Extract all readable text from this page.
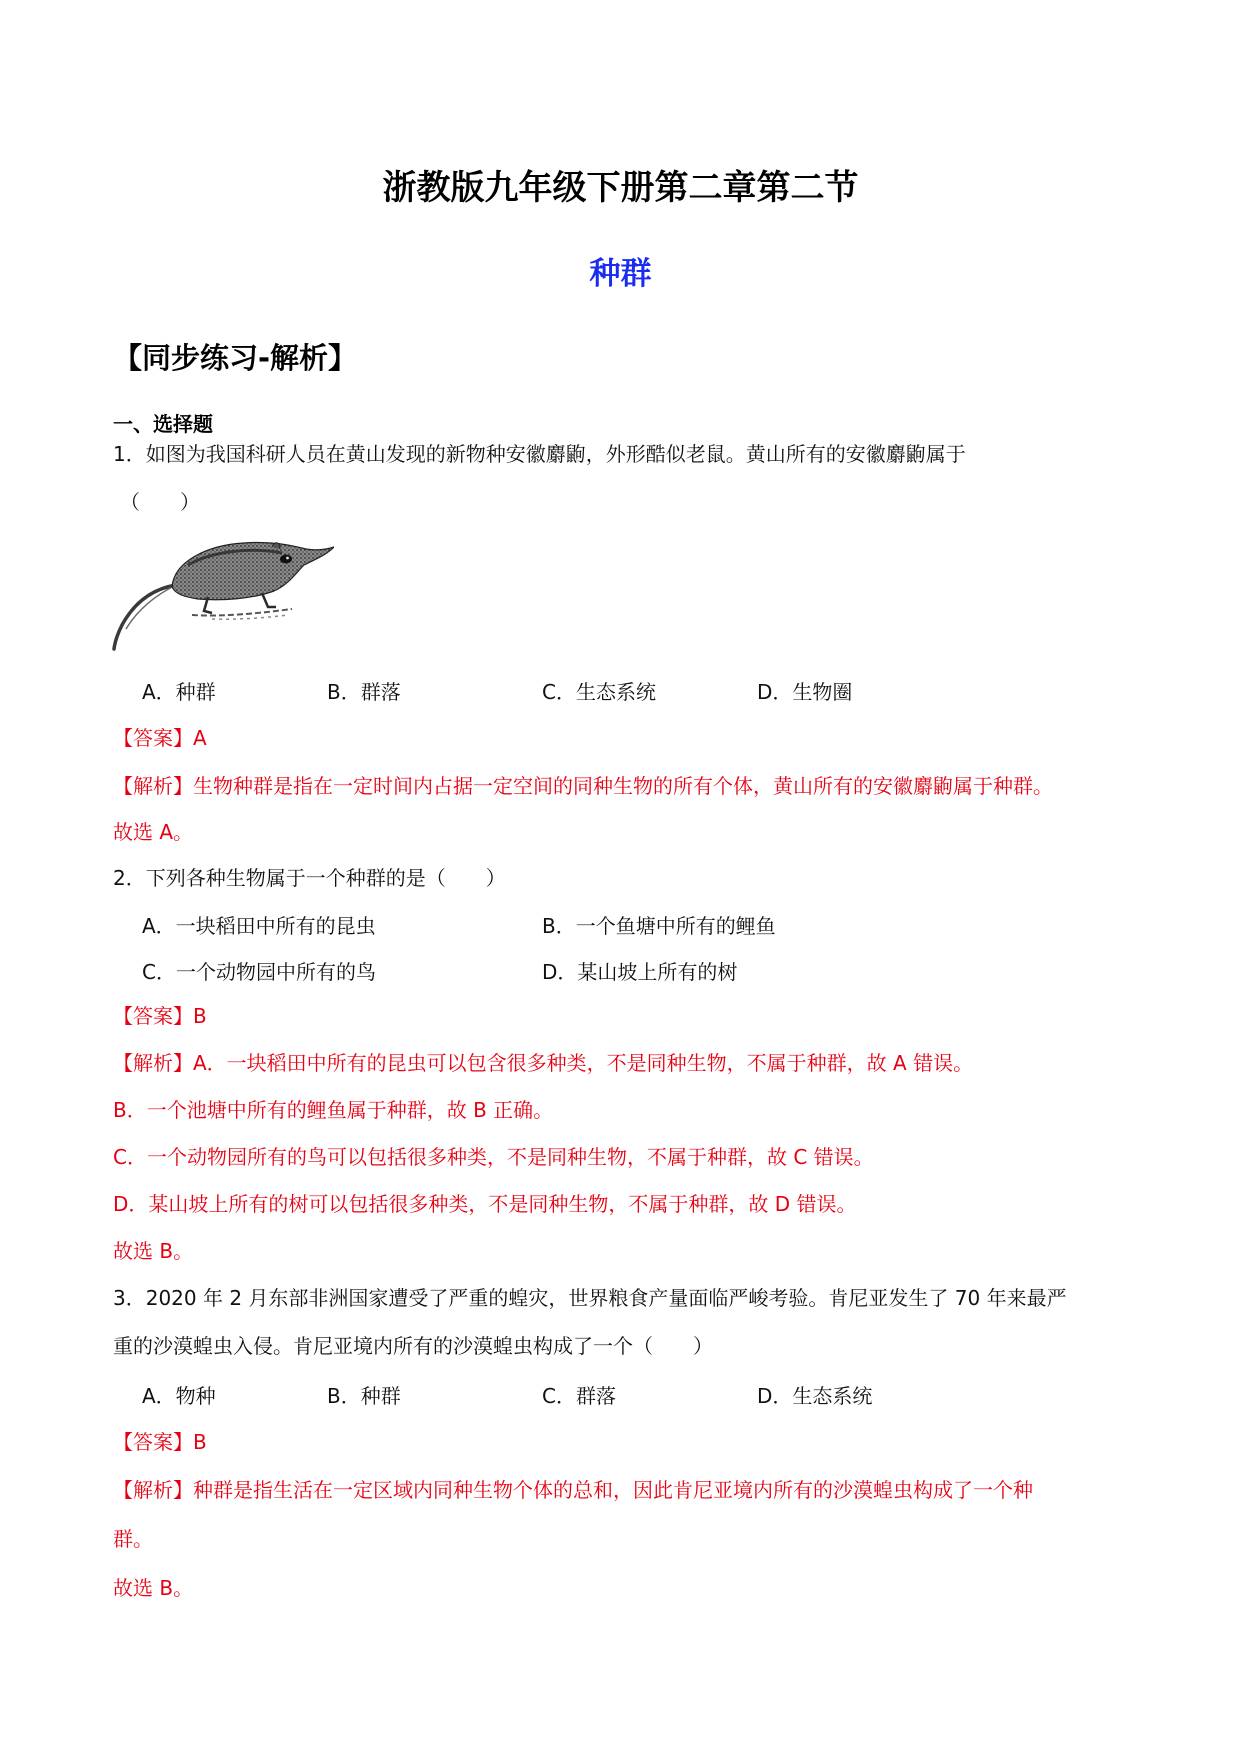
浙教版九年级下册第二章第二节
种群
【同步练习-解析】
一、选择题
1．如图为我国科研人员在黄山发现的新物种安徽麝鼩，外形酷似老鼠。黄山所有的安徽麝鼩属于
（　　）
A．种群	B．群落	C．生态系统	D．生物圈
【答案】A
【解析】生物种群是指在一定时间内占据一定空间的同种生物的所有个体，黄山所有的安徽麝鼩属于种群。
故选 A。
2．下列各种生物属于一个种群的是（　　）
A．一块稻田中所有的昆虫	B．一个鱼塘中所有的鲤鱼
C．一个动物园中所有的鸟	D．某山坡上所有的树
【答案】B
【解析】A．一块稻田中所有的昆虫可以包含很多种类，不是同种生物，不属于种群，故 A 错误。
B．一个池塘中所有的鲤鱼属于种群，故 B 正确。
C．一个动物园所有的鸟可以包括很多种类，不是同种生物，不属于种群，故 C 错误。
D．某山坡上所有的树可以包括很多种类，不是同种生物，不属于种群，故 D 错误。
故选 B。
3．2020 年 2 月东部非洲国家遭受了严重的蝗灾，世界粮食产量面临严峻考验。肯尼亚发生了 70 年来最严
重的沙漠蝗虫入侵。肯尼亚境内所有的沙漠蝗虫构成了一个（　　）
A．物种	B．种群	C．群落	D．生态系统
【答案】B
【解析】种群是指生活在一定区域内同种生物个体的总和，因此肯尼亚境内所有的沙漠蝗虫构成了一个种
群。
故选 B。
